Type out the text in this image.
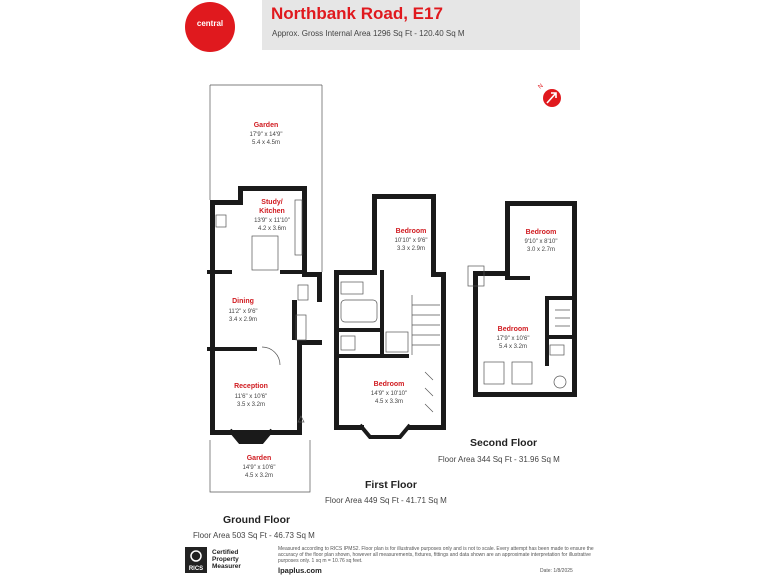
central
Northbank Road, E17
Approx. Gross Internal Area 1296 Sq Ft - 120.40 Sq M
N
Garden
17'9" x 14'9"
5.4 x 4.5m
Study/
Kitchen
13'9" x 11'10"
4.2 x 3.6m
Dining
11'2" x 9'6"
3.4 x 2.9m
Reception
11'6" x 10'6"
3.5 x 3.2m
Garden
14'9" x 10'6"
4.5 x 3.2m
Bedroom
10'10" x 9'6"
3.3 x 2.9m
Bedroom
14'9" x 10'10"
4.5 x 3.3m
Bedroom
9'10" x 8'10"
3.0 x 2.7m
Bedroom
17'9" x 10'6"
5.4 x 3.2m
Second Floor
Floor Area 344 Sq Ft - 31.96 Sq M
First Floor
Floor Area 449 Sq Ft - 41.71 Sq M
Ground Floor
Floor Area 503 Sq Ft - 46.73 Sq M
RICS
Certified
Property
Measurer
Measured according to RICS IPMS2. Floor plan is for illustrative purposes only and is not to scale. Every attempt has been made to ensure the accuracy of the floor plan shown, however all measurements, fixtures, fittings and data shown are an approximate interpretation for illustrative purposes only. 1 sq m = 10.76 sq feet.
lpaplus.com	Date: 1/8/2025
